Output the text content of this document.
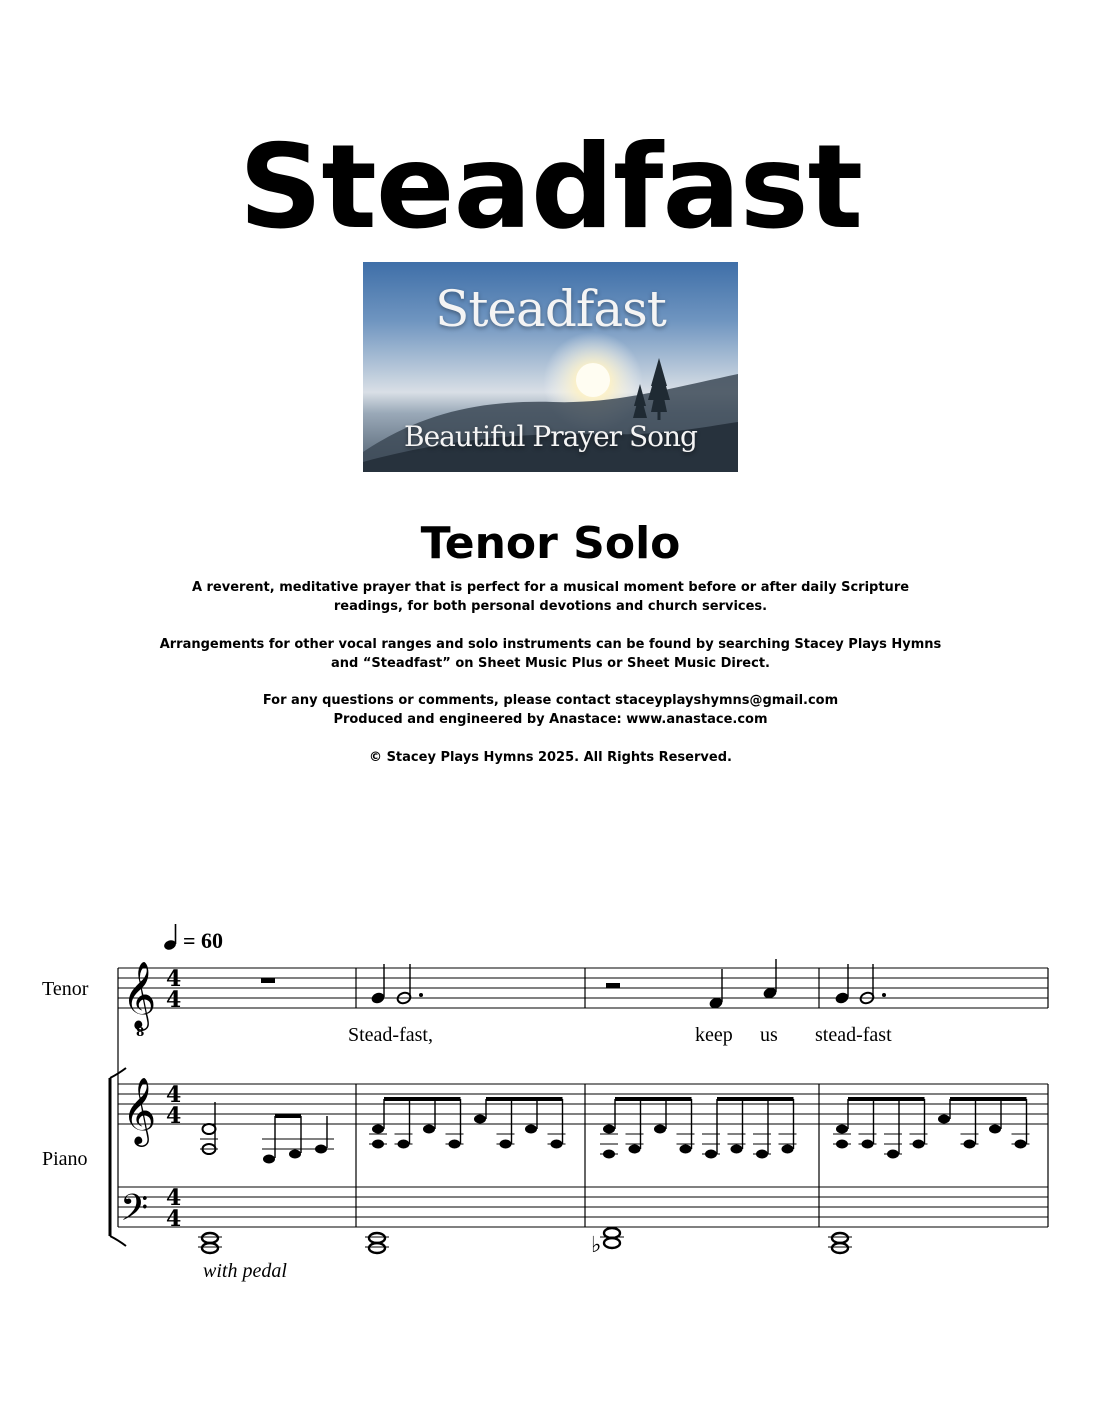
Steadfast
Steadfast
Beautiful Prayer Song
Tenor Solo
A reverent, meditative prayer that is perfect for a musical moment before or after daily Scripture
readings, for both personal devotions and church services.
Arrangements for other vocal ranges and solo instruments can be found by searching Stacey Plays Hymns
and “Steadfast” on Sheet Music Plus or Sheet Music Direct.
For any questions or comments, please contact staceyplayshymns@gmail.com
Produced and engineered by Anastace: www.anastace.com
© Stacey Plays Hymns 2025. All Rights Reserved.
= 60
Tenor
Piano
𝄞
8
𝄞
𝄢
4
4
4
4
4
4
Stead-fast,	keep us stead-fast
♭
with pedal
